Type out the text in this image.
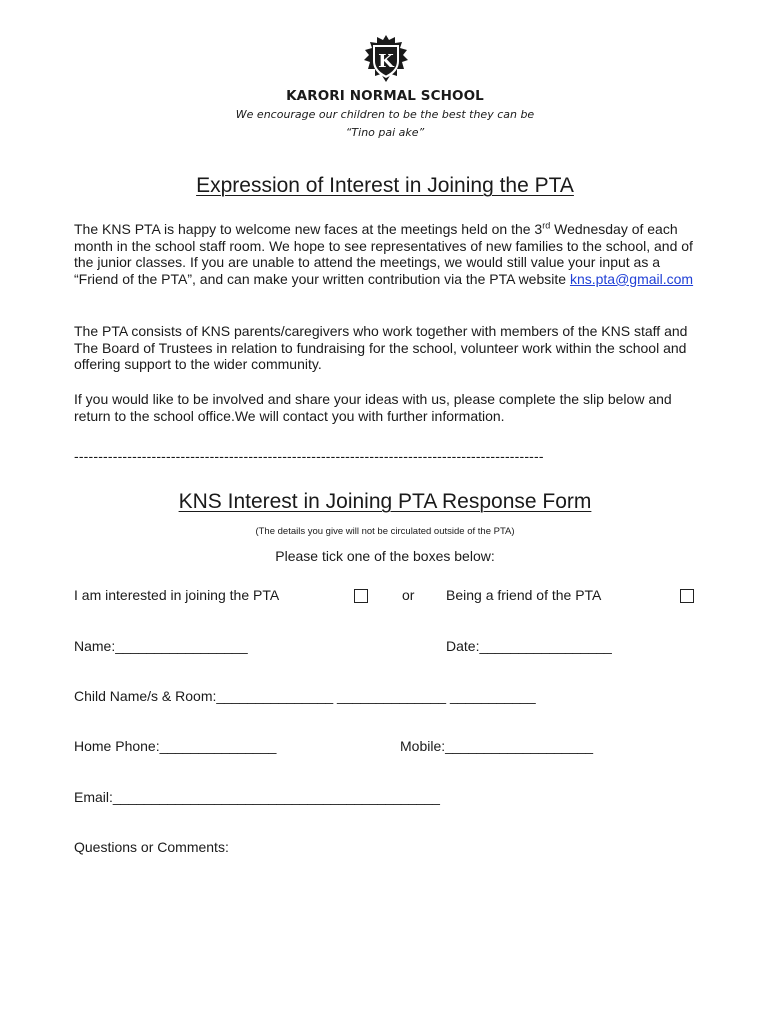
K
KARORI NORMAL SCHOOL
We encourage our children to be the best they can be
“Tino pai ake”
Expression of Interest in Joining the PTA
The KNS PTA is happy to welcome new faces at the meetings held on the 3rd Wednesday of each month in the school staff room. We hope to see representatives of new families to the school, and of the junior classes. If you are unable to attend the meetings, we would still value your input as a “Friend of the PTA”, and can make your written contribution via the PTA website kns.pta@gmail.com
The PTA consists of KNS parents/caregivers who work together with members of the KNS staff and The Board of Trustees in relation to fundraising for the school, volunteer work within the school and offering support to the wider community.
If you would like to be involved and share your ideas with us, please complete the slip below and return to the school office.We will contact you with further information.
-------------------------------------------------------------------------------------------------
KNS Interest in Joining PTA Response Form
(The details you give will not be circulated outside of the PTA)
Please tick one of the boxes below:
I am interested in joining the PTA	or Being a friend of the PTA
Name:_________________	Date:_________________
Child Name/s & Room:_______________ ______________ ___________
Home Phone:_______________	Mobile:___________________
Email:__________________________________________
Questions or Comments:
